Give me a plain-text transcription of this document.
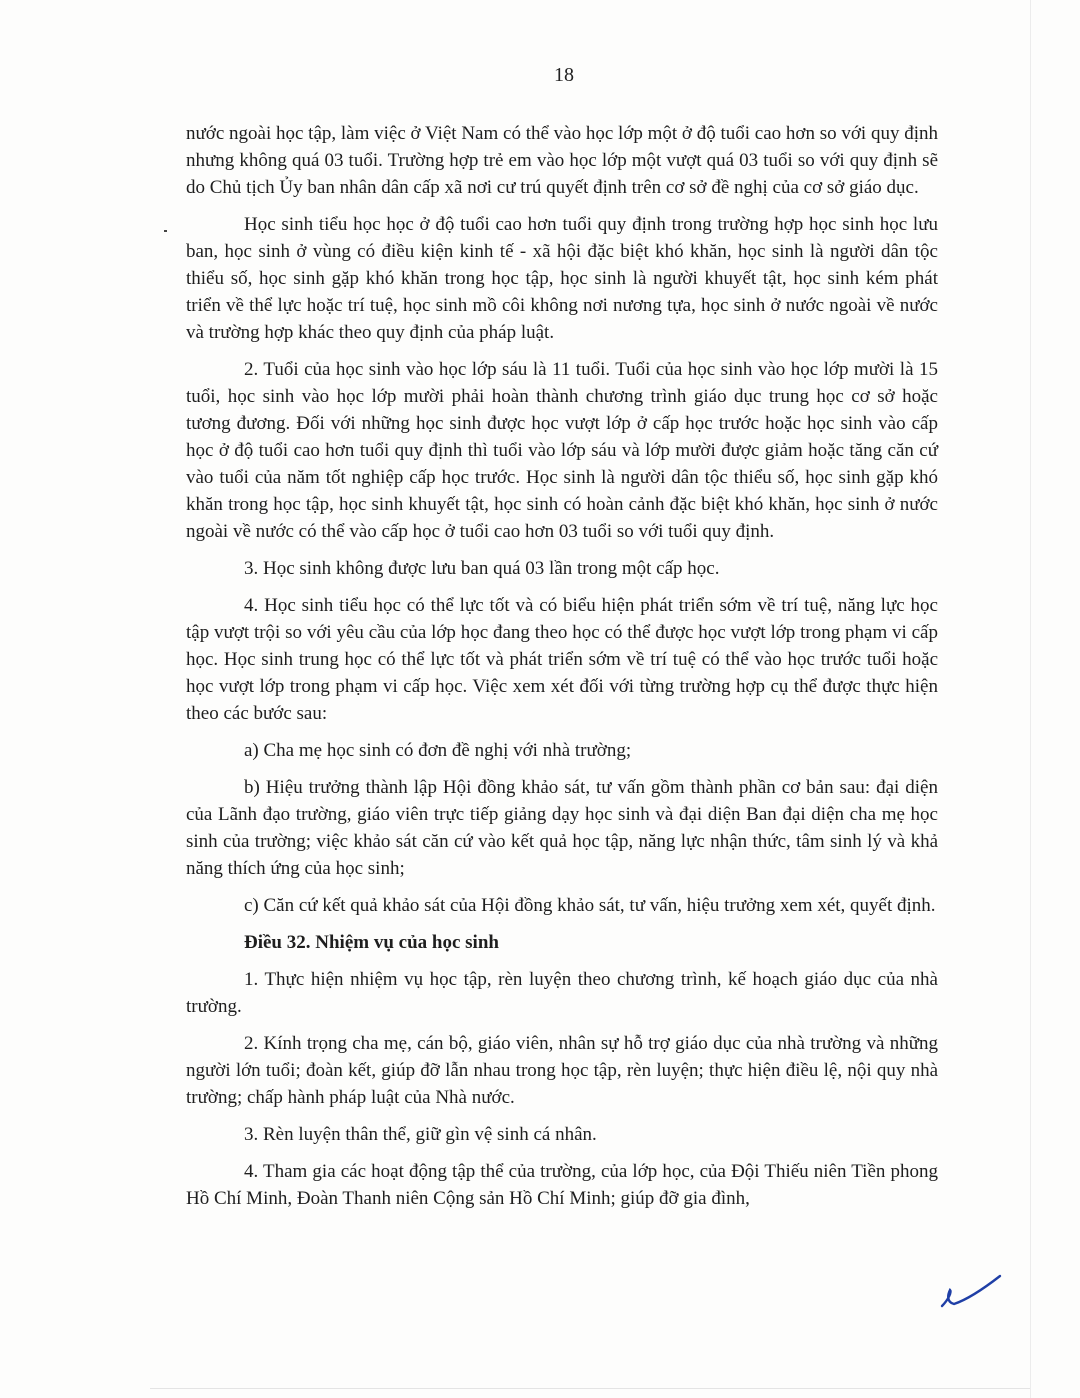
18

nước ngoài học tập, làm việc ở Việt Nam có thể vào học lớp một ở độ tuổi cao hơn so với quy định nhưng không quá 03 tuổi. Trường hợp trẻ em vào học lớp một vượt quá 03 tuổi so với quy định sẽ do Chủ tịch Ủy ban nhân dân cấp xã nơi cư trú quyết định trên cơ sở đề nghị của cơ sở giáo dục.

Học sinh tiểu học học ở độ tuổi cao hơn tuổi quy định trong trường hợp học sinh học lưu ban, học sinh ở vùng có điều kiện kinh tế - xã hội đặc biệt khó khăn, học sinh là người dân tộc thiểu số, học sinh gặp khó khăn trong học tập, học sinh là người khuyết tật, học sinh kém phát triển về thể lực hoặc trí tuệ, học sinh mồ côi không nơi nương tựa, học sinh ở nước ngoài về nước và trường hợp khác theo quy định của pháp luật.

2. Tuổi của học sinh vào học lớp sáu là 11 tuổi. Tuổi của học sinh vào học lớp mười là 15 tuổi, học sinh vào học lớp mười phải hoàn thành chương trình giáo dục trung học cơ sở hoặc tương đương. Đối với những học sinh được học vượt lớp ở cấp học trước hoặc học sinh vào cấp học ở độ tuổi cao hơn tuổi quy định thì tuổi vào lớp sáu và lớp mười được giảm hoặc tăng căn cứ vào tuổi của năm tốt nghiệp cấp học trước. Học sinh là người dân tộc thiểu số, học sinh gặp khó khăn trong học tập, học sinh khuyết tật, học sinh có hoàn cảnh đặc biệt khó khăn, học sinh ở nước ngoài về nước có thể vào cấp học ở tuổi cao hơn 03 tuổi so với tuổi quy định.

3. Học sinh không được lưu ban quá 03 lần trong một cấp học.

4. Học sinh tiểu học có thể lực tốt và có biểu hiện phát triển sớm về trí tuệ, năng lực học tập vượt trội so với yêu cầu của lớp học đang theo học có thể được học vượt lớp trong phạm vi cấp học. Học sinh trung học có thể lực tốt và phát triển sớm về trí tuệ có thể vào học trước tuổi hoặc học vượt lớp trong phạm vi cấp học. Việc xem xét đối với từng trường hợp cụ thể được thực hiện theo các bước sau:

a) Cha mẹ học sinh có đơn đề nghị với nhà trường;

b) Hiệu trưởng thành lập Hội đồng khảo sát, tư vấn gồm thành phần cơ bản sau: đại diện của Lãnh đạo trường, giáo viên trực tiếp giảng dạy học sinh và đại diện Ban đại diện cha mẹ học sinh của trường; việc khảo sát căn cứ vào kết quả học tập, năng lực nhận thức, tâm sinh lý và khả năng thích ứng của học sinh;

c) Căn cứ kết quả khảo sát của Hội đồng khảo sát, tư vấn, hiệu trưởng xem xét, quyết định.

Điều 32. Nhiệm vụ của học sinh

1. Thực hiện nhiệm vụ học tập, rèn luyện theo chương trình, kế hoạch giáo dục của nhà trường.

2. Kính trọng cha mẹ, cán bộ, giáo viên, nhân sự hỗ trợ giáo dục của nhà trường và những người lớn tuổi; đoàn kết, giúp đỡ lẫn nhau trong học tập, rèn luyện; thực hiện điều lệ, nội quy nhà trường; chấp hành pháp luật của Nhà nước.

3. Rèn luyện thân thể, giữ gìn vệ sinh cá nhân.

4. Tham gia các hoạt động tập thể của trường, của lớp học, của Đội Thiếu niên Tiền phong Hồ Chí Minh, Đoàn Thanh niên Cộng sản Hồ Chí Minh; giúp đỡ gia đình,
